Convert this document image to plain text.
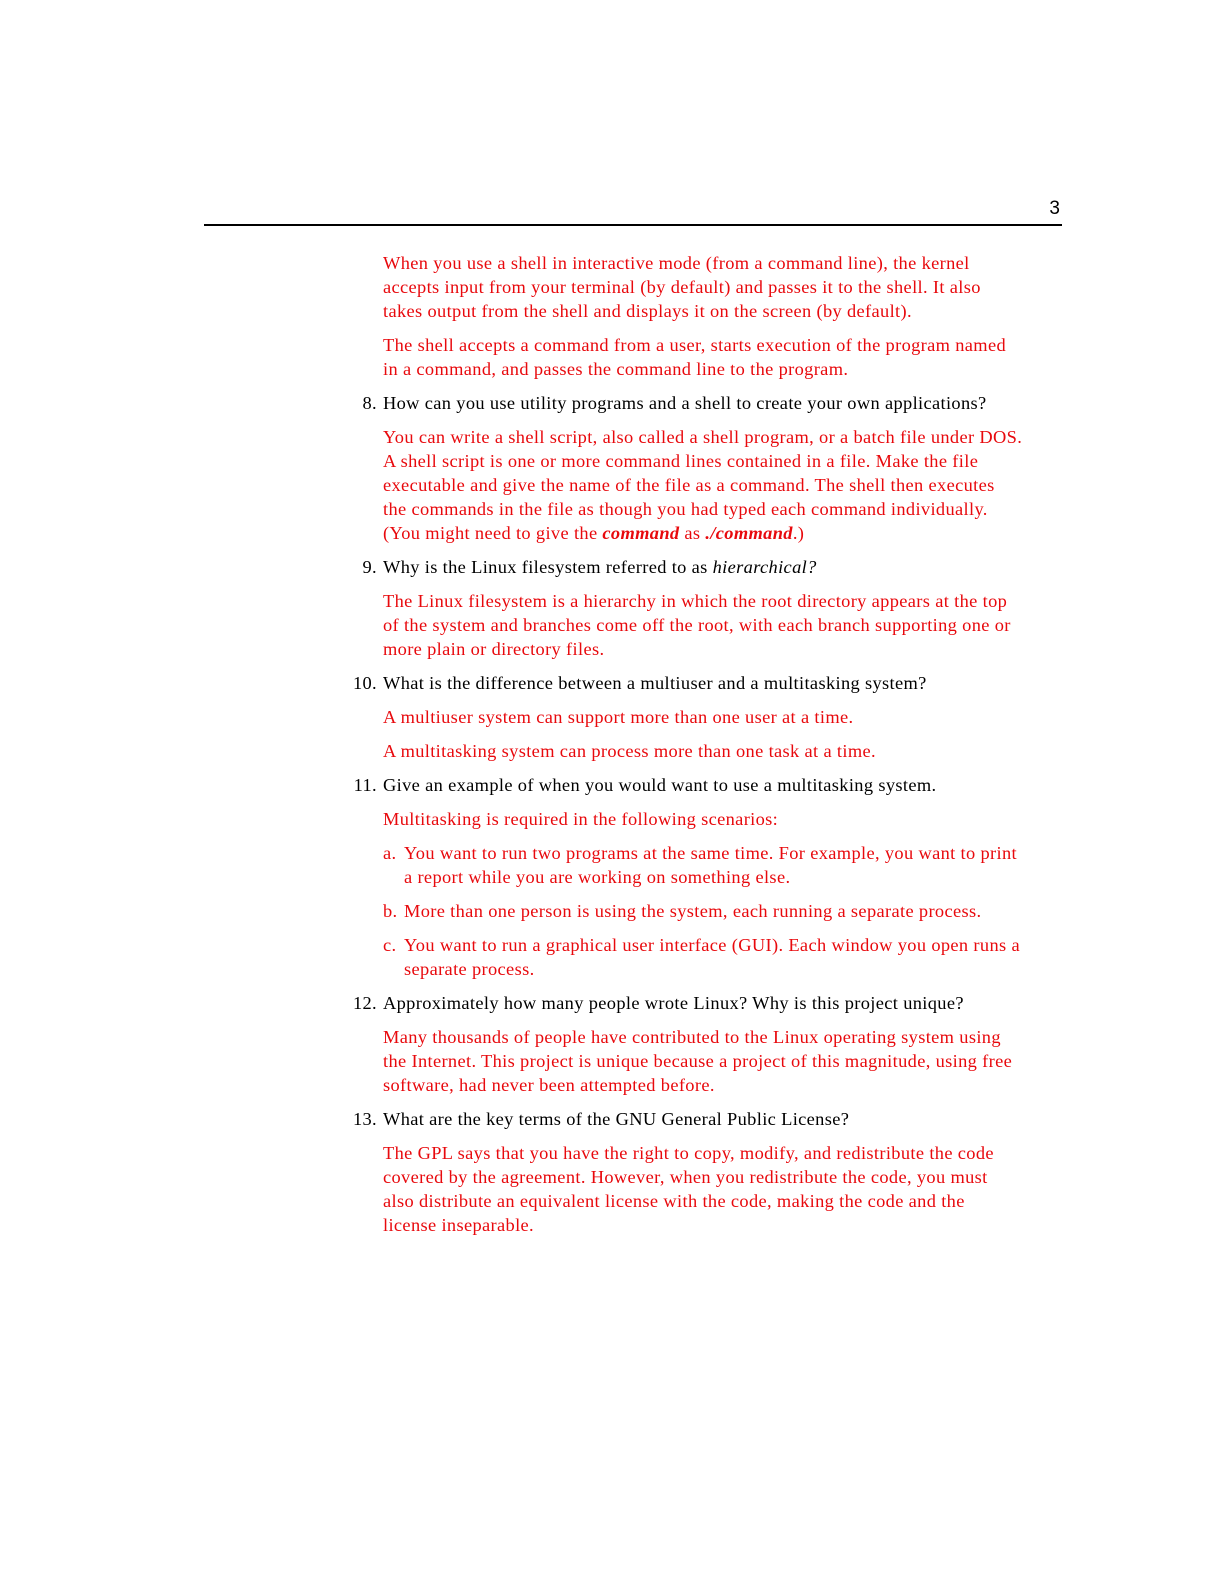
3

When you use a shell in interactive mode (from a command line), the kernel accepts input from your terminal (by default) and passes it to the shell. It also takes output from the shell and displays it on the screen (by default).

The shell accepts a command from a user, starts execution of the program named in a command, and passes the command line to the program.

8. How can you use utility programs and a shell to create your own applications?

You can write a shell script, also called a shell program, or a batch file under DOS. A shell script is one or more command lines contained in a file. Make the file executable and give the name of the file as a command. The shell then executes the commands in the file as though you had typed each command individually. (You might need to give the command as ./command.)

9. Why is the Linux filesystem referred to as hierarchical?

The Linux filesystem is a hierarchy in which the root directory appears at the top of the system and branches come off the root, with each branch supporting one or more plain or directory files.

10. What is the difference between a multiuser and a multitasking system?

A multiuser system can support more than one user at a time.

A multitasking system can process more than one task at a time.

11. Give an example of when you would want to use a multitasking system.

Multitasking is required in the following scenarios:

a. You want to run two programs at the same time. For example, you want to print a report while you are working on something else.
b. More than one person is using the system, each running a separate process.
c. You want to run a graphical user interface (GUI). Each window you open runs a separate process.
12. Approximately how many people wrote Linux? Why is this project unique?

Many thousands of people have contributed to the Linux operating system using the Internet. This project is unique because a project of this magnitude, using free software, had never been attempted before.

13. What are the key terms of the GNU General Public License?

The GPL says that you have the right to copy, modify, and redistribute the code covered by the agreement. However, when you redistribute the code, you must also distribute an equivalent license with the code, making the code and the license inseparable.
